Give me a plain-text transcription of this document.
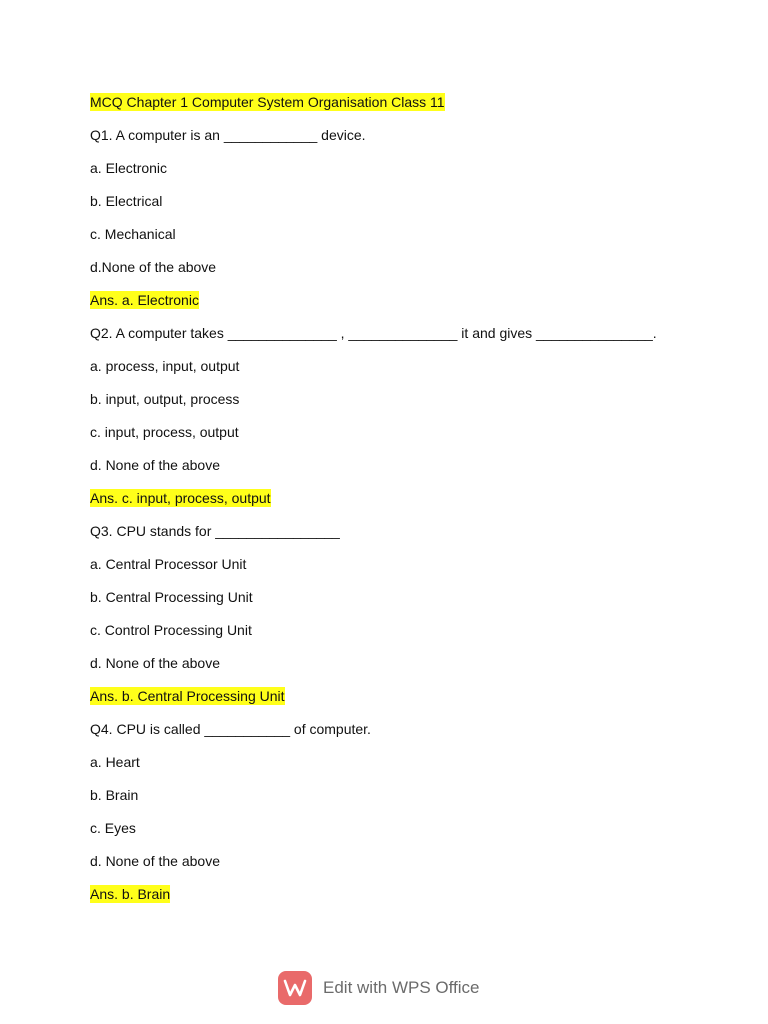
MCQ Chapter 1 Computer System Organisation Class 11
Q1. A computer is an ____________ device.
a. Electronic
b. Electrical
c. Mechanical
d.None of the above
Ans. a. Electronic
Q2. A computer takes ______________ , ______________ it and gives _______________.
a. process, input, output
b. input, output, process
c. input, process, output
d. None of the above
Ans. c. input, process, output
Q3. CPU stands for ________________
a. Central Processor Unit
b. Central Processing Unit
c. Control Processing Unit
d. None of the above
Ans. b. Central Processing Unit
Q4. CPU is called ___________ of computer.
a. Heart
b. Brain
c. Eyes
d. None of the above
Ans. b. Brain
Edit with WPS Office
